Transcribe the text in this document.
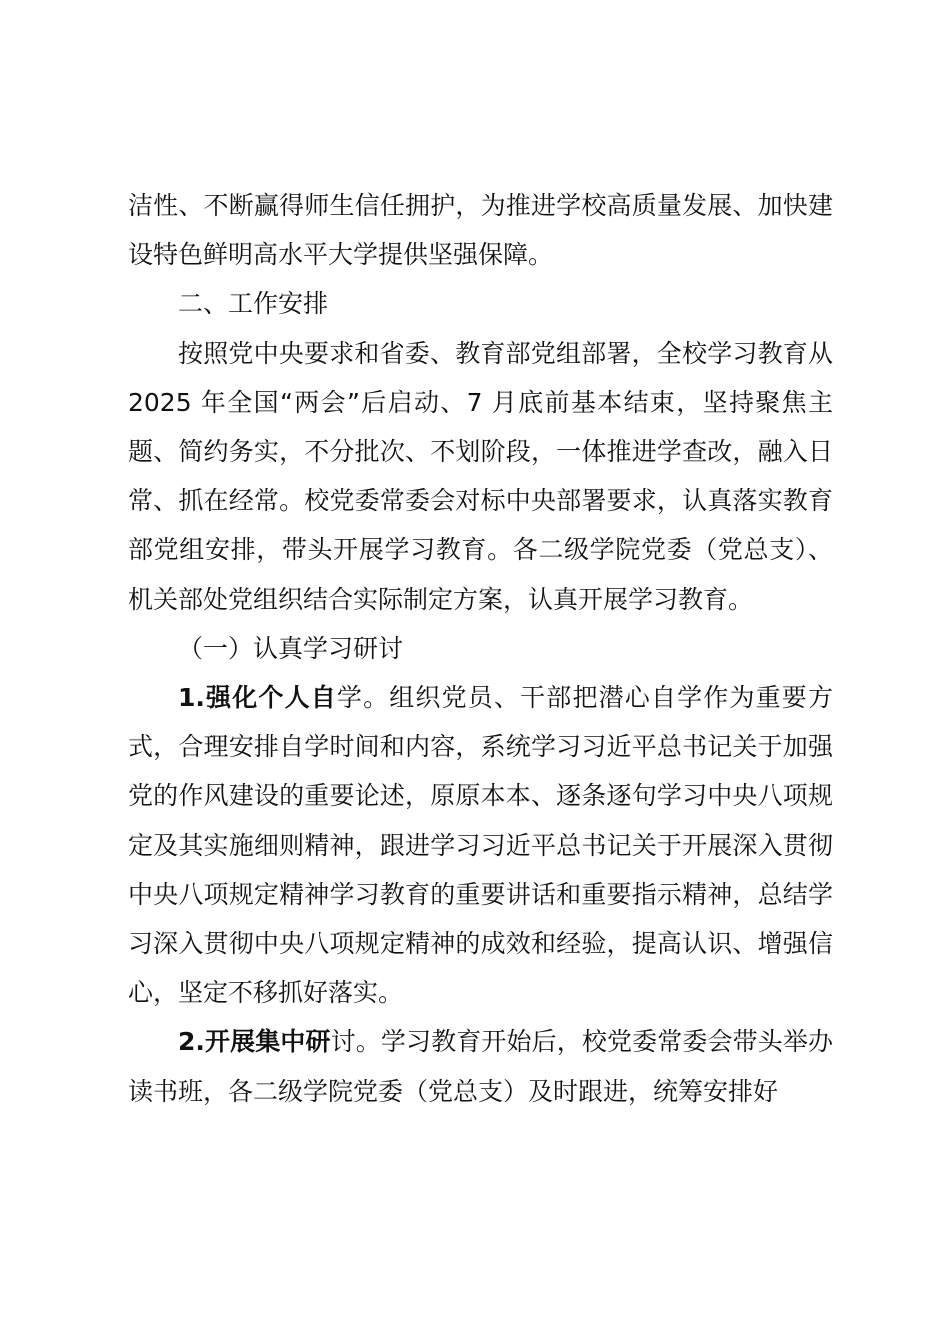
洁性、不断赢得师生信任拥护，为推进学校高质量发展、加快建设特色鲜明高水平大学提供坚强保障。

二、工作安排

按照党中央要求和省委、教育部党组部署，全校学习教育从 2025 年全国“两会”后启动、7 月底前基本结束，坚持聚焦主题、简约务实，不分批次、不划阶段，一体推进学查改，融入日常、抓在经常。校党委常委会对标中央部署要求，认真落实教育部党组安排，带头开展学习教育。各二级学院党委（党总支）、机关部处党组织结合实际制定方案，认真开展学习教育。

（一）认真学习研讨

1.强化个人自学。组织党员、干部把潜心自学作为重要方式，合理安排自学时间和内容，系统学习习近平总书记关于加强党的作风建设的重要论述，原原本本、逐条逐句学习中央八项规定及其实施细则精神，跟进学习习近平总书记关于开展深入贯彻中央八项规定精神学习教育的重要讲话和重要指示精神，总结学习深入贯彻中央八项规定精神的成效和经验，提高认识、增强信心，坚定不移抓好落实。

2.开展集中研讨。学习教育开始后，校党委常委会带头举办读书班，各二级学院党委（党总支）及时跟进，统筹安排好
